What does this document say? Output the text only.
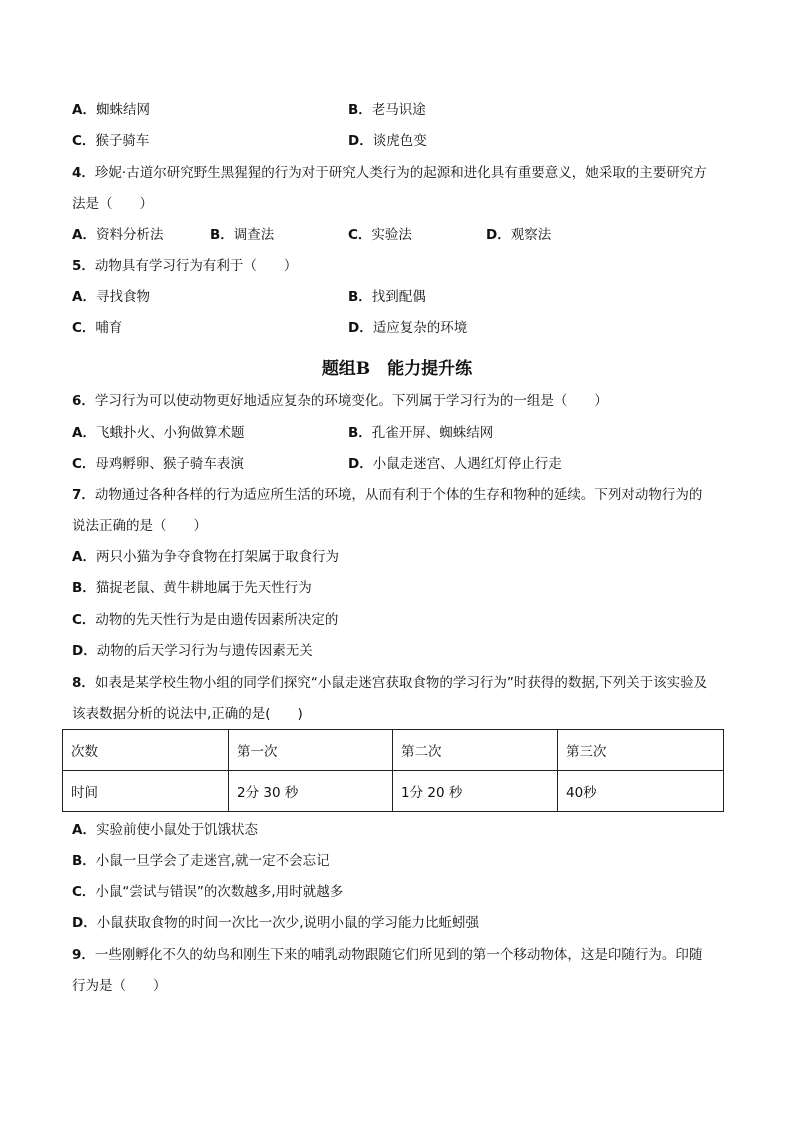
A．蜘蛛结网	B．老马识途
C．猴子骑车	D．谈虎色变
4．珍妮·古道尔研究野生黑猩猩的行为对于研究人类行为的起源和进化具有重要意义，她采取的主要研究方
法是（　　）
A．资料分析法	B．调查法	C．实验法	D．观察法
5．动物具有学习行为有利于（　　）
A．寻找食物	B．找到配偶
C．哺育	D．适应复杂的环境
题组B　能力提升练
6．学习行为可以使动物更好地适应复杂的环境变化。下列属于学习行为的一组是（　　）
A．飞蛾扑火、小狗做算术题	B．孔雀开屏、蜘蛛结网
C．母鸡孵卵、猴子骑车表演	D．小鼠走迷宫、人遇红灯停止行走
7．动物通过各种各样的行为适应所生活的环境，从而有利于个体的生存和物种的延续。下列对动物行为的
说法正确的是（　　）
A．两只小猫为争夺食物在打架属于取食行为
B．猫捉老鼠、黄牛耕地属于先天性行为
C．动物的先天性行为是由遗传因素所决定的
D．动物的后天学习行为与遗传因素无关
8．如表是某学校生物小组的同学们探究“小鼠走迷宫获取食物的学习行为”时获得的数据,下列关于该实验及
该表数据分析的说法中,正确的是(　　)
次数	第一次	第二次	第三次
时间	2分 30 秒	1分 20 秒	40秒
A．实验前使小鼠处于饥饿状态
B．小鼠一旦学会了走迷宫,就一定不会忘记
C．小鼠“尝试与错误”的次数越多,用时就越多
D．小鼠获取食物的时间一次比一次少,说明小鼠的学习能力比蚯蚓强
9．一些刚孵化不久的幼鸟和刚生下来的哺乳动物跟随它们所见到的第一个移动物体，这是印随行为。印随
行为是（　　）
